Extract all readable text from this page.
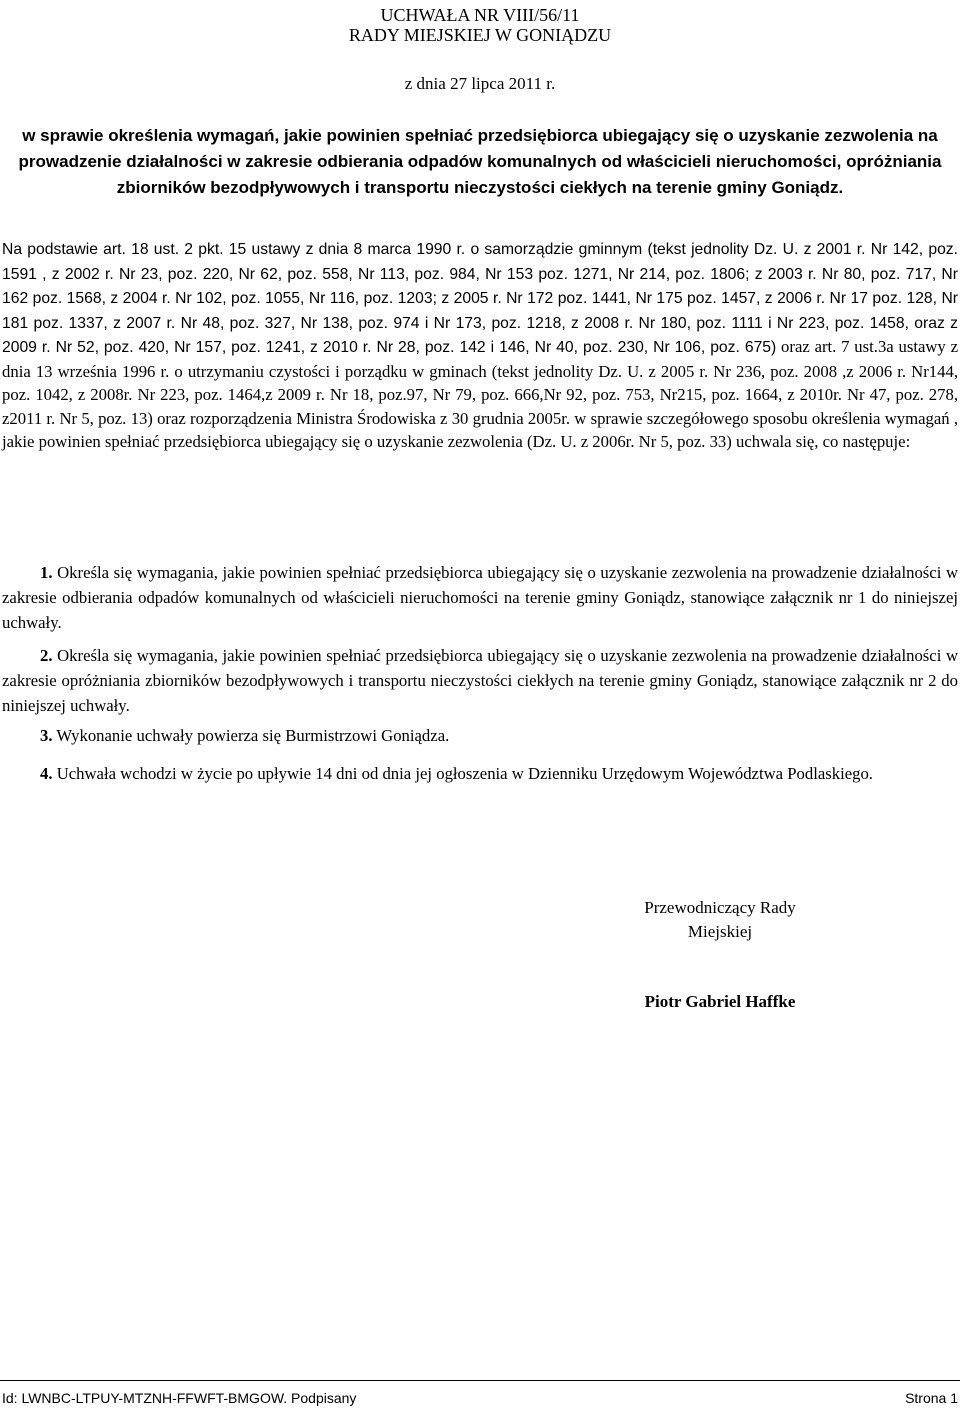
UCHWAŁA NR VIII/56/11
RADY MIEJSKIEJ W GONIĄDZU
z dnia 27 lipca 2011 r.
w sprawie określenia wymagań, jakie powinien spełniać przedsiębiorca ubiegający się o uzyskanie zezwolenia na prowadzenie działalności w zakresie odbierania odpadów komunalnych od właścicieli nieruchomości, opróżniania zbiorników bezodpływowych i transportu nieczystości ciekłych na terenie gminy Goniądz.
Na podstawie art. 18 ust. 2 pkt. 15 ustawy z dnia 8 marca 1990 r. o samorządzie gminnym (tekst jednolity Dz. U. z 2001 r. Nr 142, poz. 1591 , z 2002 r. Nr 23, poz. 220, Nr 62, poz. 558, Nr 113, poz. 984, Nr 153 poz. 1271, Nr 214, poz. 1806; z 2003 r. Nr 80, poz. 717, Nr 162 poz. 1568, z 2004 r. Nr 102, poz. 1055, Nr 116, poz. 1203; z 2005 r. Nr 172 poz. 1441, Nr 175 poz. 1457, z 2006 r. Nr 17 poz. 128, Nr 181 poz. 1337, z 2007 r. Nr 48, poz. 327, Nr 138, poz. 974 i Nr 173, poz. 1218, z 2008 r. Nr 180, poz. 1111 i Nr 223, poz. 1458, oraz z 2009 r. Nr 52, poz. 420, Nr 157, poz. 1241, z 2010 r. Nr 28, poz. 142 i 146, Nr 40, poz. 230, Nr 106, poz. 675) oraz art. 7 ust.3a ustawy z dnia 13 września 1996 r. o utrzymaniu czystości i porządku w gminach (tekst jednolity Dz. U. z 2005 r. Nr 236, poz. 2008 ,z 2006 r. Nr144, poz. 1042, z 2008r. Nr 223, poz. 1464,z 2009 r. Nr 18, poz.97, Nr 79, poz. 666,Nr 92, poz. 753, Nr215, poz. 1664, z 2010r. Nr 47, poz. 278, z2011 r. Nr 5, poz. 13) oraz rozporządzenia Ministra Środowiska z 30 grudnia 2005r. w sprawie szczegółowego sposobu określenia wymagań , jakie powinien spełniać przedsiębiorca ubiegający się o uzyskanie zezwolenia (Dz. U. z 2006r. Nr 5, poz. 33) uchwala się, co następuje:
1. Określa się wymagania, jakie powinien spełniać przedsiębiorca ubiegający się o uzyskanie zezwolenia na prowadzenie działalności w zakresie odbierania odpadów komunalnych od właścicieli nieruchomości na terenie gminy Goniądz, stanowiące załącznik nr 1 do niniejszej uchwały.
2. Określa się wymagania, jakie powinien spełniać przedsiębiorca ubiegający się o uzyskanie zezwolenia na prowadzenie działalności w zakresie opróżniania zbiorników bezodpływowych i transportu nieczystości ciekłych na terenie gminy Goniądz, stanowiące załącznik nr 2 do niniejszej uchwały.
3. Wykonanie uchwały powierza się Burmistrzowi Goniądza.
4. Uchwała wchodzi w życie po upływie 14 dni od dnia jej ogłoszenia w Dzienniku Urzędowym Województwa Podlaskiego.
Przewodniczący Rady
Miejskiej
Piotr Gabriel Haffke
Id: LWNBC-LTPUY-MTZNH-FFWFT-BMGOW. Podpisany	Strona 1
